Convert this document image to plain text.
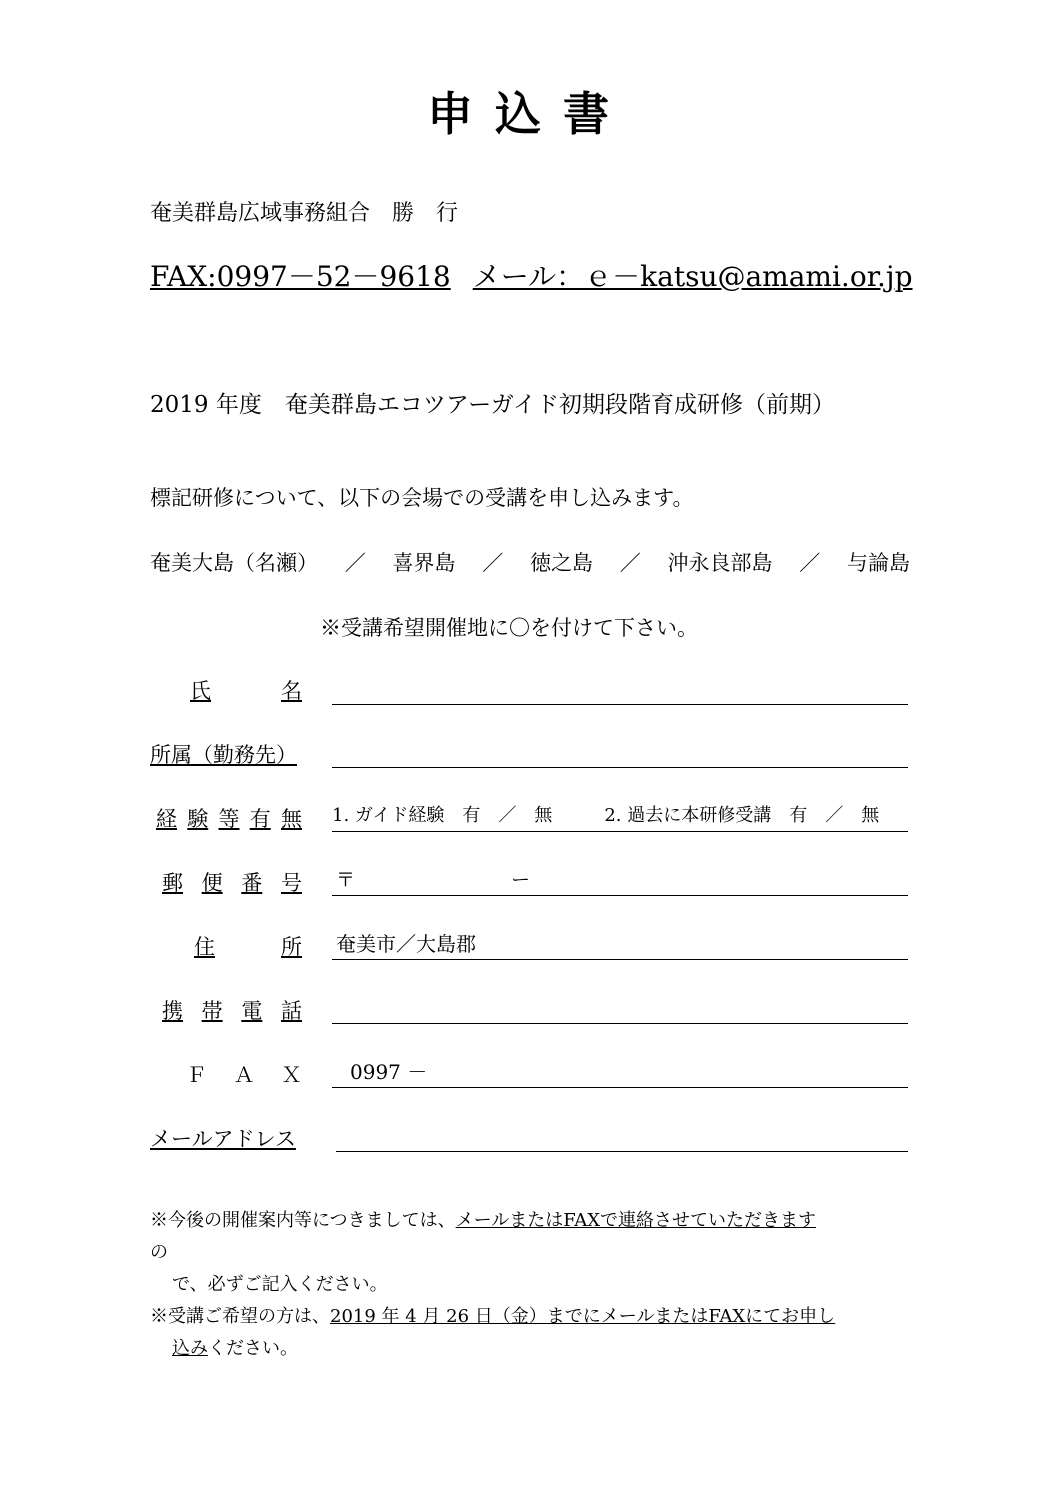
申込書
奄美群島広域事務組合　勝　行
FAX:0997－52－9618 メール：ｅ－katsu@amami.or.jp
2019 年度　奄美群島エコツアーガイド初期段階育成研修（前期）
標記研修について、以下の会場での受講を申し込みます。
奄美大島（名瀬） ／ 喜界島 ／ 徳之島 ／ 沖永良部島 ／ 与論島
※受講希望開催地に〇を付けて下さい。
氏	名
所属（勤務先）
経 験 等 有 無 1. ガイド経験　有　／　無	2. 過去に本研修受講　有　／　無
郵 便 番 号 〒	ー
住	所 奄美市／大島郡
携 帯 電 話
Ｆ Ａ Ｘ	0997 －
メールアドレス
※今後の開催案内等につきましては、メールまたはFAXで連絡させていただきます
の
で、必ずご記入ください。
※受講ご希望の方は、2019 年 4 月 26 日（金）までにメールまたはFAXにてお申し
込みください。
